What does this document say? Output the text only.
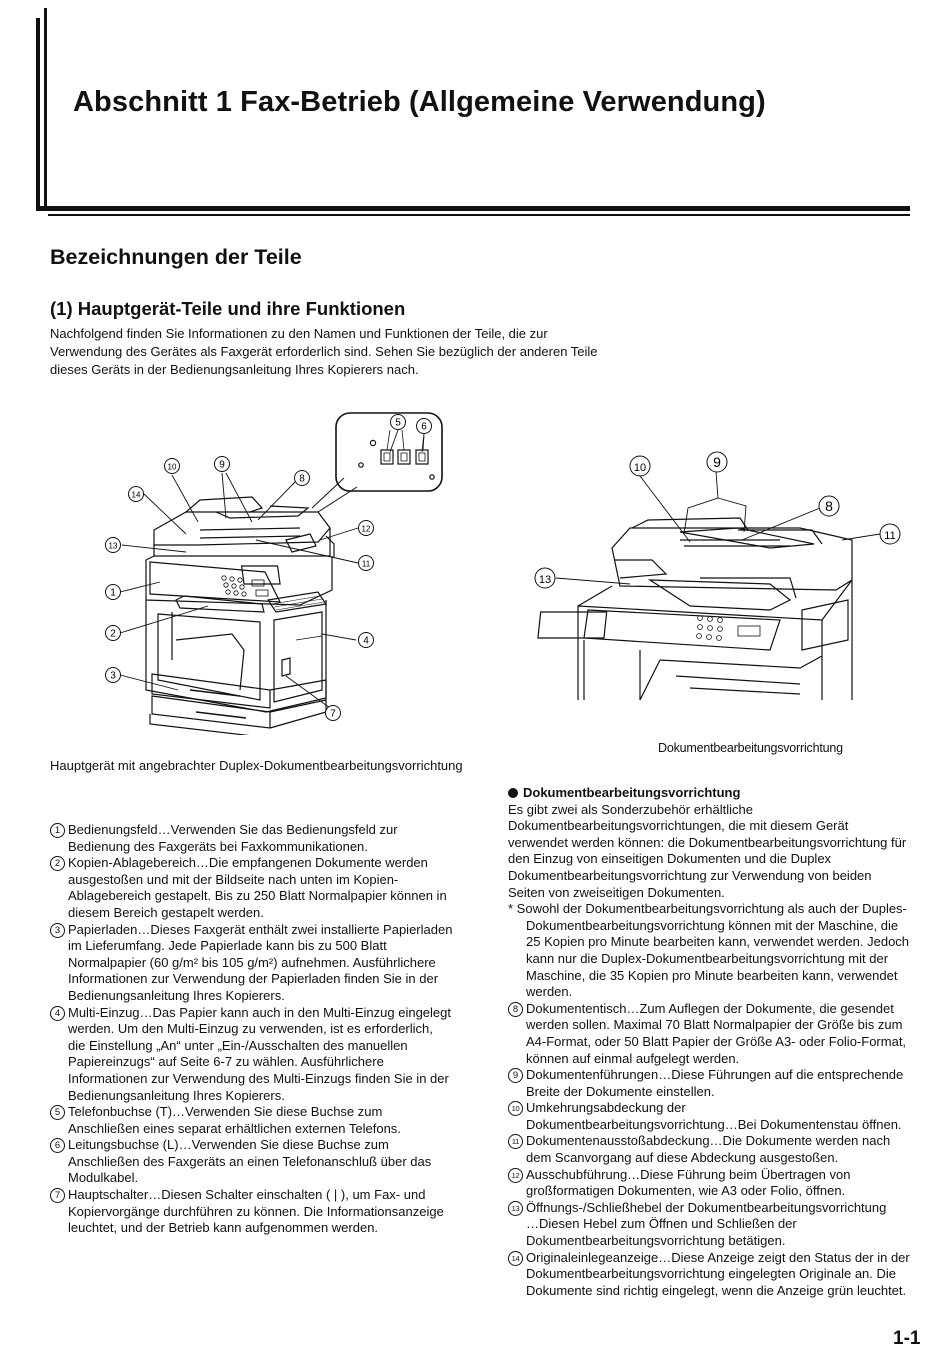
Abschnitt 1 Fax-Betrieb (Allgemeine Verwendung)
Bezeichnungen der Teile
(1) Hauptgerät-Teile und ihre Funktionen
Nachfolgend finden Sie Informationen zu den Namen und Funktionen der Teile, die zur
Verwendung des Gerätes als Faxgerät erforderlich sind. Sehen Sie bezüglich der anderen Teile
dieses Geräts in der Bedienungsanleitung Ihres Kopierers nach.
10	9
8
14
13
12
11
1
2
4
3
7
5 6
10	9
8
11
13
Hauptgerät mit angebrachter Duplex-Dokumentbearbeitungsvorrichtung
Dokumentbearbeitungsvorrichtung
1 Bedienungsfeld…Verwenden Sie das Bedienungsfeld zur
Bedienung des Faxgeräts bei Faxkommunikationen.
2 Kopien-Ablagebereich…Die empfangenen Dokumente werden
ausgestoßen und mit der Bildseite nach unten im Kopien-
Ablagebereich gestapelt. Bis zu 250 Blatt Normalpapier können in
diesem Bereich gestapelt werden.
3 Papierladen…Dieses Faxgerät enthält zwei installierte Papierladen
im Lieferumfang. Jede Papierlade kann bis zu 500 Blatt
Normalpapier (60 g/m² bis 105 g/m²) aufnehmen. Ausführlichere
Informationen zur Verwendung der Papierladen finden Sie in der
Bedienungsanleitung Ihres Kopierers.
4 Multi-Einzug…Das Papier kann auch in den Multi-Einzug eingelegt
werden. Um den Multi-Einzug zu verwenden, ist es erforderlich,
die Einstellung „An“ unter „Ein-/Ausschalten des manuellen
Papiereinzugs“ auf Seite 6-7 zu wählen. Ausführlichere
Informationen zur Verwendung des Multi-Einzugs finden Sie in der
Bedienungsanleitung Ihres Kopierers.
5 Telefonbuchse (T)…Verwenden Sie diese Buchse zum
Anschließen eines separat erhältlichen externen Telefons.
6 Leitungsbuchse (L)…Verwenden Sie diese Buchse zum
Anschließen des Faxgeräts an einen Telefonanschluß über das
Modulkabel.
7 Hauptschalter…Diesen Schalter einschalten ( | ), um Fax- und
Kopiervorgänge durchführen zu können. Die Informationsanzeige
leuchtet, und der Betrieb kann aufgenommen werden.
Dokumentbearbeitungsvorrichtung
Es gibt zwei als Sonderzubehör erhältliche
Dokumentbearbeitungsvorrichtungen, die mit diesem Gerät
verwendet werden können: die Dokumentbearbeitungsvorrichtung für
den Einzug von einseitigen Dokumenten und die Duplex
Dokumentbearbeitungsvorrichtung zur Verwendung von beiden
Seiten von zweiseitigen Dokumenten.
* Sowohl der Dokumentbearbeitungsvorrichtung als auch der Duples-
Dokumentbearbeitungsvorrichtung können mit der Maschine, die
25 Kopien pro Minute bearbeiten kann, verwendet werden. Jedoch
kann nur die Duplex-Dokumentbearbeitungsvorrichtung mit der
Maschine, die 35 Kopien pro Minute bearbeiten kann, verwendet
werden.
8 Dokumententisch…Zum Auflegen der Dokumente, die gesendet
werden sollen. Maximal 70 Blatt Normalpapier der Größe bis zum
A4-Format, oder 50 Blatt Papier der Größe A3- oder Folio-Format,
können auf einmal aufgelegt werden.
9 Dokumentenführungen…Diese Führungen auf die entsprechende
Breite der Dokumente einstellen.
10 Umkehrungsabdeckung der
Dokumentbearbeitungsvorrichtung…Bei Dokumentenstau öffnen.
11 Dokumentenausstoßabdeckung…Die Dokumente werden nach
dem Scanvorgang auf diese Abdeckung ausgestoßen.
12 Ausschubführung…Diese Führung beim Übertragen von
großformatigen Dokumenten, wie A3 oder Folio, öffnen.
13 Öffnungs-/Schließhebel der Dokumentbearbeitungsvorrichtung
…Diesen Hebel zum Öffnen und Schließen der
Dokumentbearbeitungsvorrichtung betätigen.
14 Originaleinlegeanzeige…Diese Anzeige zeigt den Status der in der
Dokumentbearbeitungsvorrichtung eingelegten Originale an. Die
Dokumente sind richtig eingelegt, wenn die Anzeige grün leuchtet.
1-1
